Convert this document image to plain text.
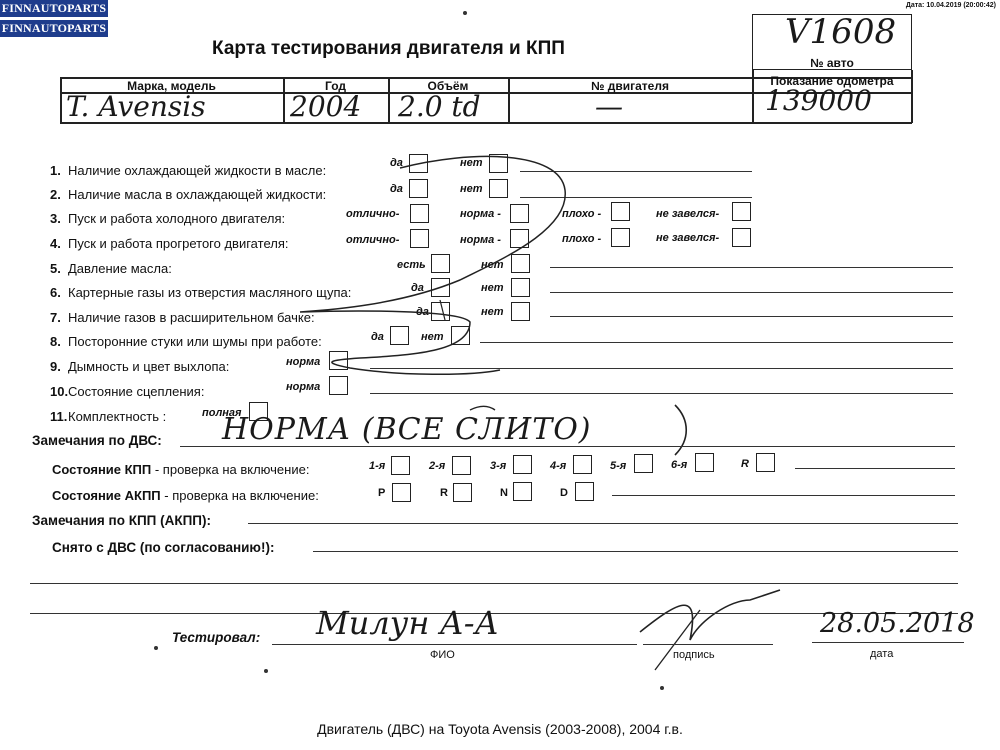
FINNAUTOPARTS
FINNAUTOPARTS
Дата: 10.04.2019 (20:00:42)
Карта тестирования двигателя и КПП	V1608
№ авто
Марка, модель	Год	Объём	№ двигателя	Показание одометра
T. Avensis	2004 2.0 td	—	139000
1. Наличие охлаждающей жидкости в масле:	да	нет
2. Наличие масла в охлаждающей жидкости:	да	нет
3. Пуск и работа холодного двигателя:	отлично-	норма -	плохо -	не завелся-
4. Пуск и работа прогретого двигателя:	отлично-	норма -	плохо -	не завелся-
5. Давление масла:	есть	нет
6. Картерные газы из отверстия масляного щупа:	да	нет
7. Наличие газов в расширительном бачке:	да	нет
8. Посторонние стуки или шумы при работе:	да	нет
9. Дымность и цвет выхлопа:	норма
10. Состояние сцепления:	норма
11. Комплектность :	полная
Замечания по ДВС: НОРМА (ВСЕ СЛИТО)
Состояние КПП - проверка на включение:	1-я	2-я	3-я	4-я	5-я	6-я	R
Состояние АКПП - проверка на включение:	P	R	N	D
Замечания по КПП (АКПП):
Снято с ДВС (по согласованию!):
Тестировал: Милун А-А
ФИО	подпись
28.05.2018
дата
Двигатель (ДВС) на Toyota Avensis (2003-2008), 2004 г.в.
